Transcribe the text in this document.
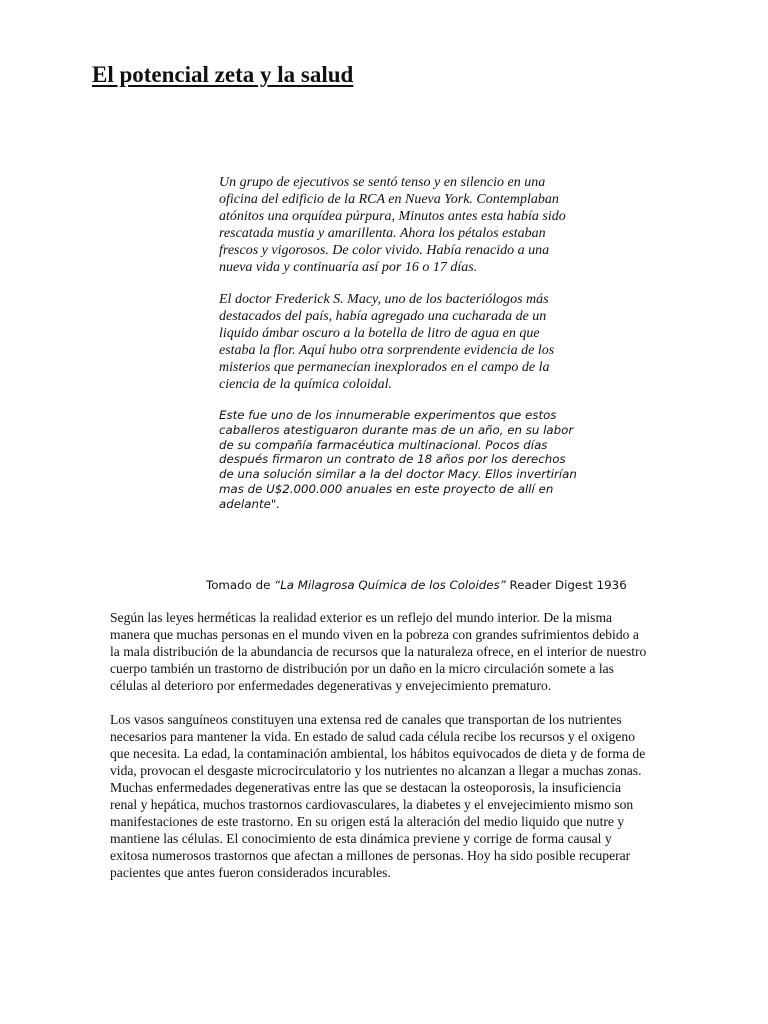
El potencial zeta y la salud

Un grupo de ejecutivos se sentó tenso y en silencio en una oficina del edificio de la RCA en Nueva York. Contemplaban atónitos una orquídea púrpura, Minutos antes esta había sido rescatada mustia y amarillenta. Ahora los pétalos estaban frescos y vigorosos. De color vivido. Había renacido a una nueva vida y continuaría así por 16 o 17 días.

El doctor Frederick S. Macy, uno de los bacteriólogos más destacados del país, había agregado una cucharada de un liquido ámbar oscuro a la botella de litro de agua en que estaba la flor. Aquí hubo otra sorprendente evidencia de los misterios que permanecían inexplorados en el campo de la ciencia de la química coloidal.

Este fue uno de los innumerable experimentos que estos caballeros atestiguaron durante mas de un año, en su labor de su compañía farmacéutica multinacional. Pocos días después firmaron un contrato de 18 años por los derechos de una solución similar a la del doctor Macy. Ellos invertirían mas de U$2.000.000 anuales en este proyecto de allí en adelante".

Tomado de “La Milagrosa Química de los Coloides” Reader Digest 1936

Según las leyes herméticas la realidad exterior es un reflejo del mundo interior. De la misma manera que muchas personas en el mundo viven en la pobreza con grandes sufrimientos debido a la mala distribución de la abundancia de recursos que la naturaleza ofrece, en el interior de nuestro cuerpo también un trastorno de distribución por un daño en la micro circulación somete a las células al deterioro por enfermedades degenerativas y envejecimiento prematuro.

Los vasos sanguíneos constituyen una extensa red de canales que transportan de los nutrientes necesarios para mantener la vida. En estado de salud cada célula recibe los recursos y el oxigeno que necesita. La edad, la contaminación ambiental, los hábitos equivocados de dieta y de forma de vida, provocan el desgaste microcirculatorio y los nutrientes no alcanzan a llegar a muchas zonas. Muchas enfermedades degenerativas entre las que se destacan la osteoporosis, la insuficiencia renal y hepática, muchos trastornos cardiovasculares, la diabetes y el envejecimiento mismo son manifestaciones de este trastorno. En su origen está la alteración del medio liquido que nutre y mantiene las células. El conocimiento de esta dinámica previene y corrige de forma causal y exitosa numerosos trastornos que afectan a millones de personas. Hoy ha sido posible recuperar pacientes que antes fueron considerados incurables.
